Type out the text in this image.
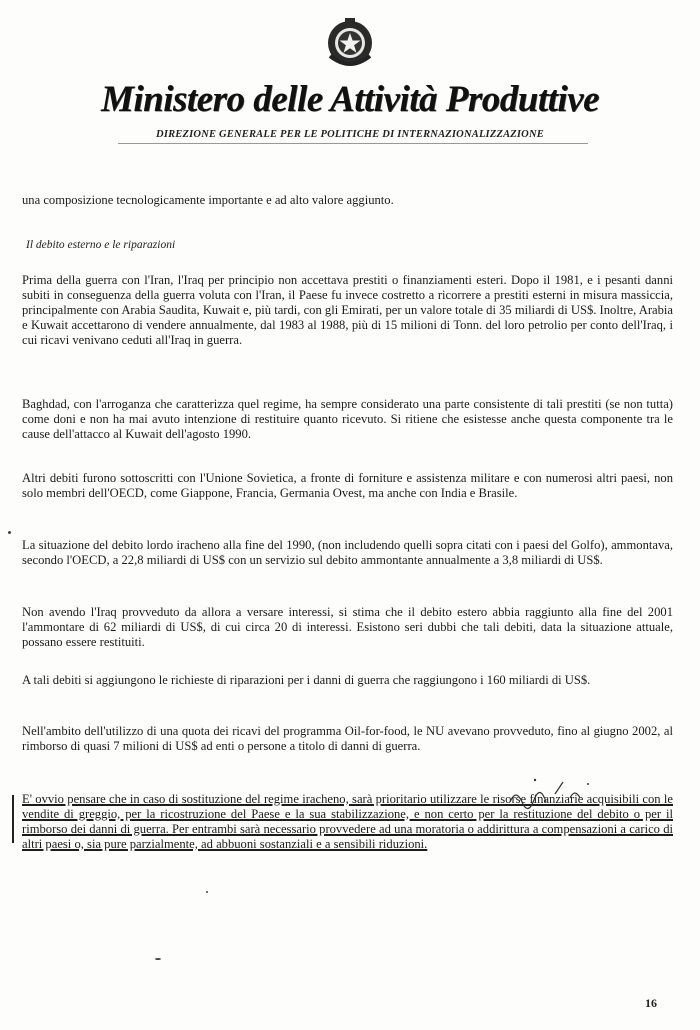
Ministero delle Attività Produttive
DIREZIONE GENERALE PER LE POLITICHE DI INTERNAZIONALIZZAZIONE
una composizione tecnologicamente importante e ad alto valore aggiunto.
Il debito esterno e le riparazioni
Prima della guerra con l'Iran, l'Iraq per principio non accettava prestiti o finanziamenti esteri. Dopo il 1981, e i pesanti danni subiti in conseguenza della guerra voluta con l'Iran, il Paese fu invece costretto a ricorrere a prestiti esterni in misura massiccia, principalmente con Arabia Saudita, Kuwait e, più tardi, con gli Emirati, per un valore totale di 35 miliardi di US$. Inoltre, Arabia e Kuwait accettarono di vendere annualmente, dal 1983 al 1988, più di 15 milioni di Tonn. del loro petrolio per conto dell'Iraq, i cui ricavi venivano ceduti all'Iraq in guerra.
Baghdad, con l'arroganza che caratterizza quel regime, ha sempre considerato una parte consistente di tali prestiti (se non tutta) come doni e non ha mai avuto intenzione di restituire quanto ricevuto. Si ritiene che esistesse anche questa componente tra le cause dell'attacco al Kuwait dell'agosto 1990.
Altri debiti furono sottoscritti con l'Unione Sovietica, a fronte di forniture e assistenza militare e con numerosi altri paesi, non solo membri dell'OECD, come Giappone, Francia, Germania Ovest, ma anche con India e Brasile.
La situazione del debito lordo iracheno alla fine del 1990, (non includendo quelli sopra citati con i paesi del Golfo), ammontava, secondo l'OECD, a 22,8 miliardi di US$ con un servizio sul debito ammontante annualmente a 3,8 miliardi di US$.
Non avendo l'Iraq provveduto da allora a versare interessi, si stima che il debito estero abbia raggiunto alla fine del 2001 l'ammontare di 62 miliardi di US$, di cui circa 20 di interessi. Esistono seri dubbi che tali debiti, data la situazione attuale, possano essere restituiti.
A tali debiti si aggiungono le richieste di riparazioni per i danni di guerra che raggiungono i 160 miliardi di US$.
Nell'ambito dell'utilizzo di una quota dei ricavi del programma Oil-for-food, le NU avevano provveduto, fino al giugno 2002, al rimborso di quasi 7 milioni di US$ ad enti o persone a titolo di danni di guerra.
E' ovvio pensare che in caso di sostituzione del regime iracheno, sarà prioritario utilizzare le risorse finanziarie acquisibili con le vendite di greggio, per la ricostruzione del Paese e la sua stabilizzazione, e non certo per la restituzione del debito o per il rimborso dei danni di guerra. Per entrambi sarà necessario provvedere ad una moratoria o addirittura a compensazioni a carico di altri paesi o, sia pure parzialmente, ad abbuoni sostanziali e a sensibili riduzioni.
16
